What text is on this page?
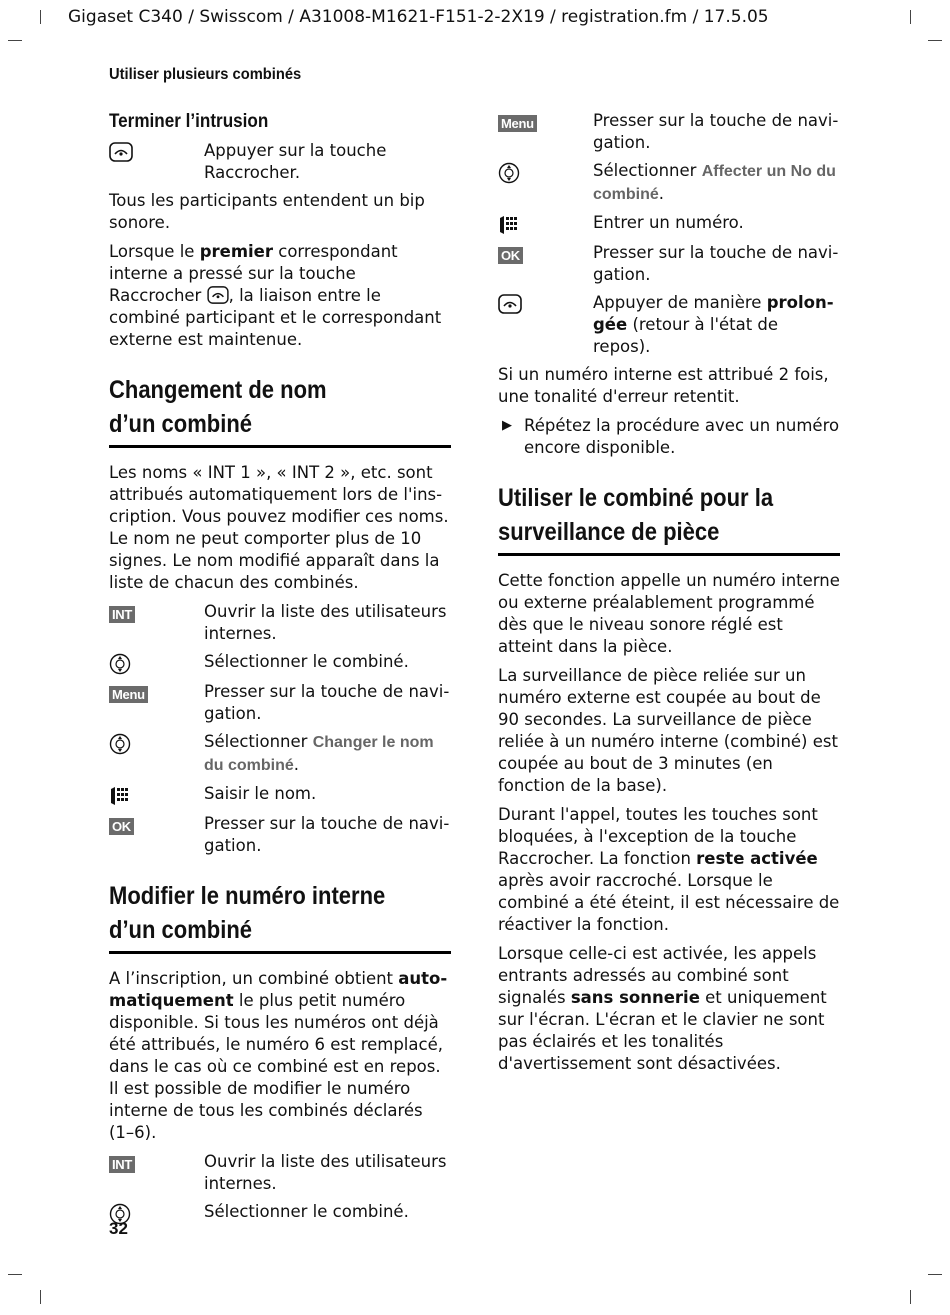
Gigaset C340 / Swisscom / A31008-M1621-F151-2-2X19 / registration.fm / 17.5.05
Utiliser plusieurs combinés
Terminer l’intrusion
Appuyer sur la touche Raccrocher.

Tous les participants entendent un bip sonore.

Lorsque le premier correspondant interne a pressé sur la touche Raccrocher , la liaison entre le combiné participant et le correspondant externe est maintenue.

Changement de nom
d’un combiné

Les noms « INT 1 », « INT 2 », etc. sont attribués automatiquement lors de l'inscription. Vous pouvez modifier ces noms. Le nom ne peut comporter plus de 10 signes. Le nom modifié apparaît dans la liste de chacun des combinés.

INT	Ouvrir la liste des utilisateurs internes.
Sélectionner le combiné.
Menu	Presser sur la touche de navigation.
Sélectionner Changer le nom du combiné.
Saisir le nom.
OK	Presser sur la touche de navigation.
Modifier le numéro interne
d’un combiné

A l’inscription, un combiné obtient automatiquement le plus petit numéro disponible. Si tous les numéros ont déjà été attribués, le numéro 6 est remplacé, dans le cas où ce combiné est en repos. Il est possible de modifier le numéro interne de tous les combinés déclarés (1–6).

INT	Ouvrir la liste des utilisateurs internes.
Sélectionner le combiné.
Menu	Presser sur la touche de navigation.
Sélectionner Affecter un No du combiné.
Entrer un numéro.
OK	Presser sur la touche de navigation.
Appuyer de manière prolongée (retour à l'état de repos).

Si un numéro interne est attribué 2 fois, une tonalité d'erreur retentit.

▶ Répétez la procédure avec un numéro encore disponible.
Utiliser le combiné pour la
surveillance de pièce

Cette fonction appelle un numéro interne ou externe préalablement programmé dès que le niveau sonore réglé est atteint dans la pièce.

La surveillance de pièce reliée sur un numéro externe est coupée au bout de 90 secondes. La surveillance de pièce reliée à un numéro interne (combiné) est coupée au bout de 3 minutes (en fonction de la base).

Durant l'appel, toutes les touches sont bloquées, à l'exception de la touche Raccrocher. La fonction reste activée après avoir raccroché. Lorsque le combiné a été éteint, il est nécessaire de réactiver la fonction.

Lorsque celle-ci est activée, les appels entrants adressés au combiné sont signalés sans sonnerie et uniquement sur l'écran. L'écran et le clavier ne sont pas éclairés et les tonalités d'avertissement sont désactivées.

32
